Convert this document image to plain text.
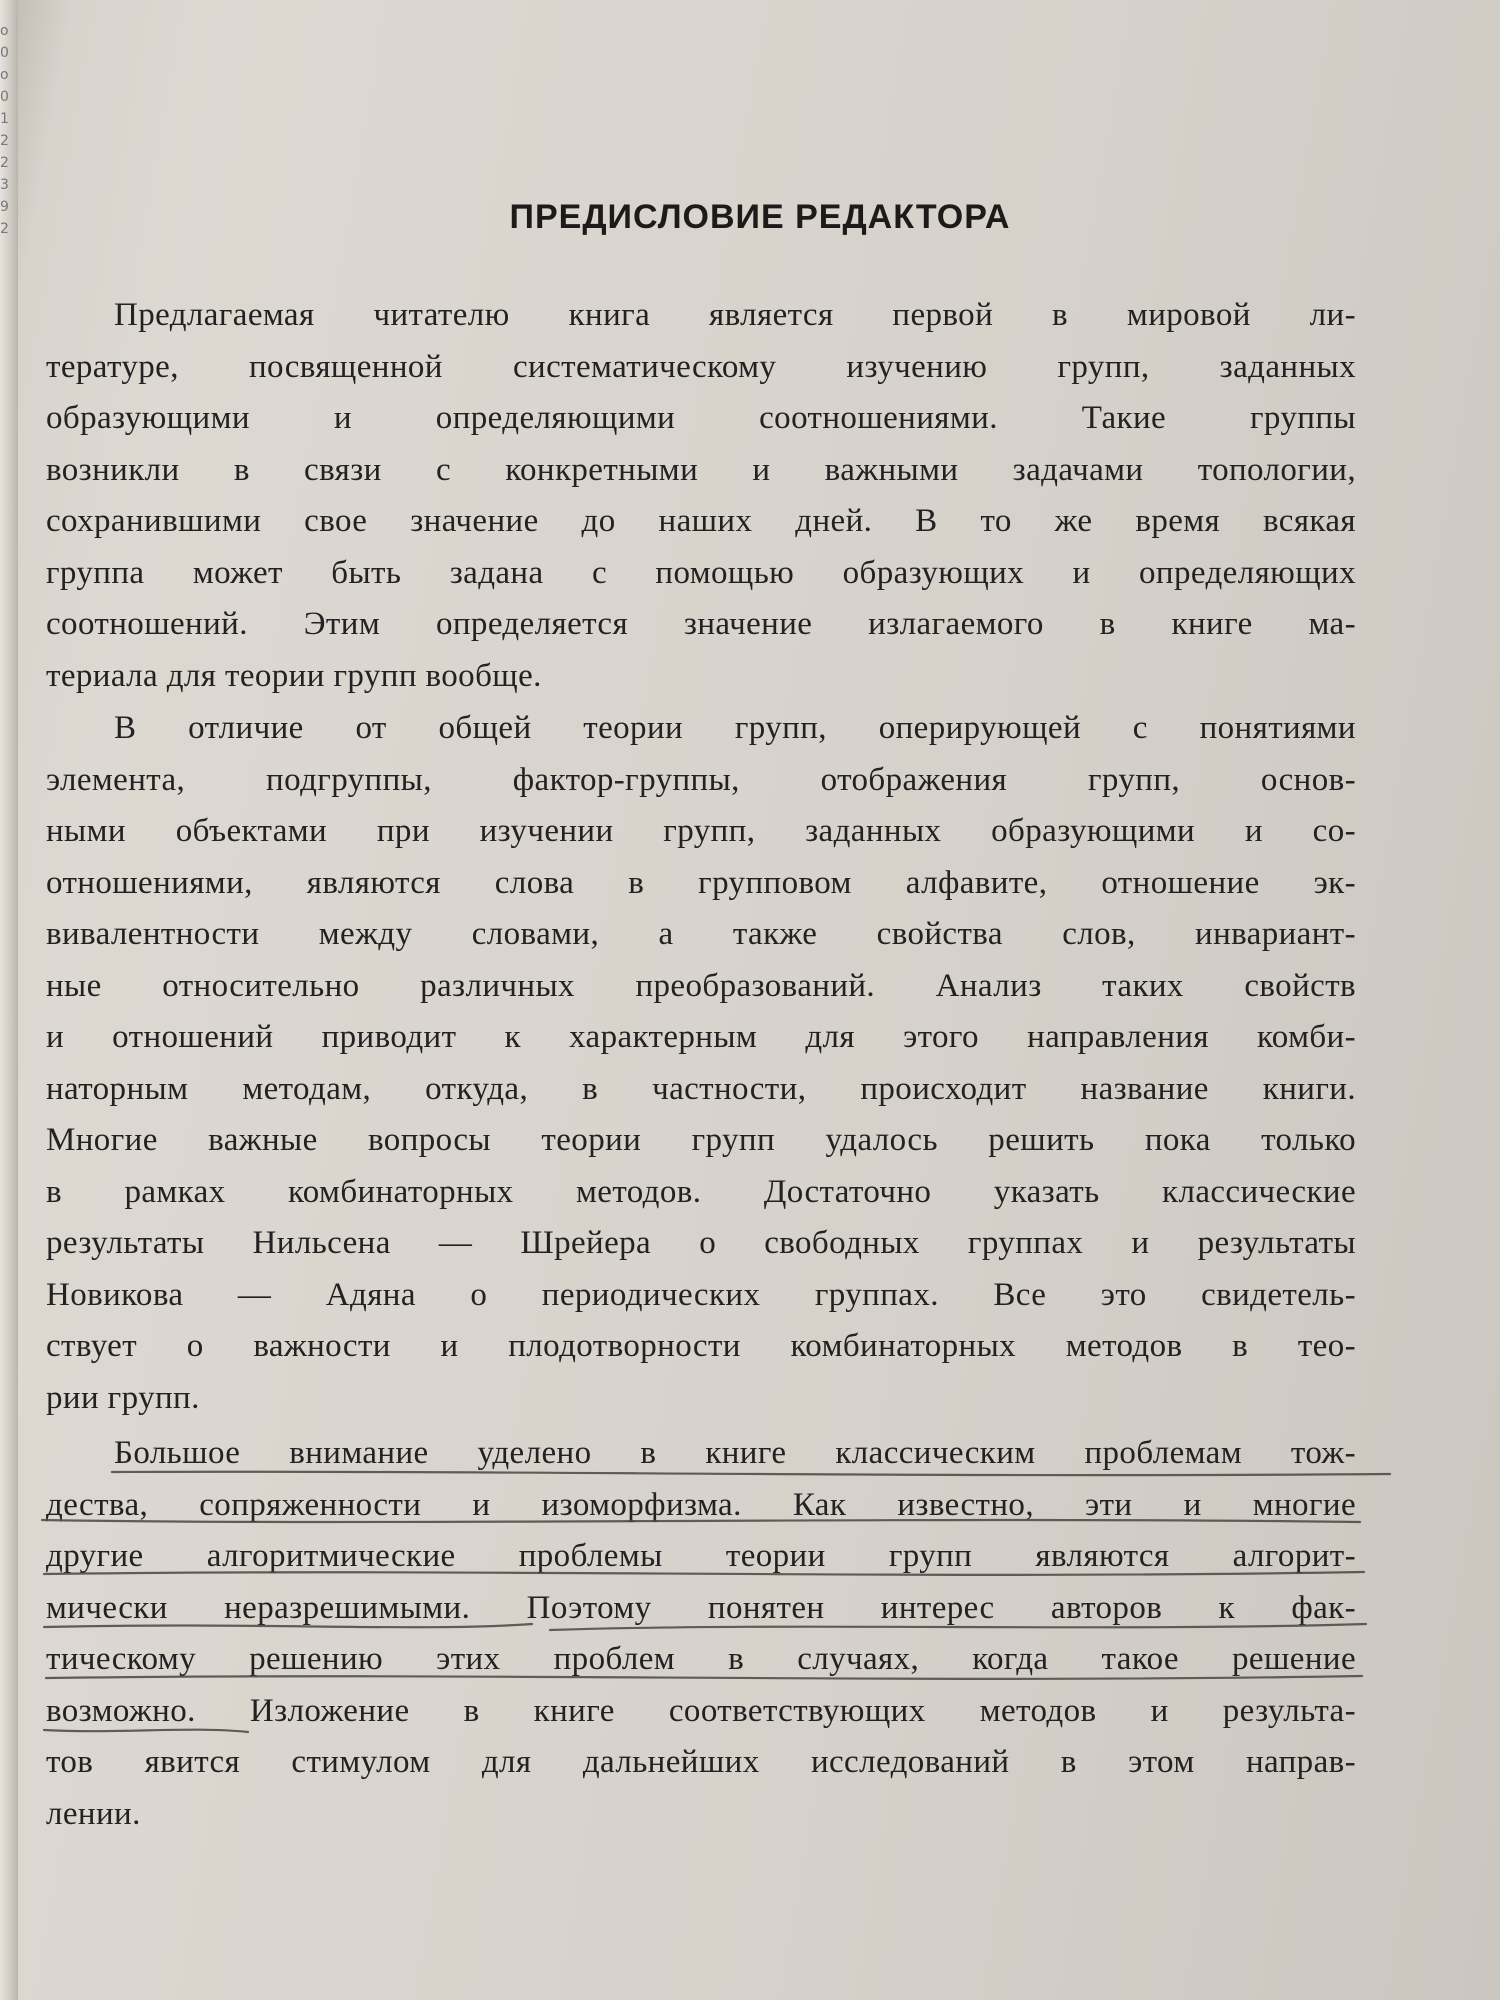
о 0 о 0 1 2 2 3 9 2	ПРЕДИСЛОВИЕ РЕДАКТОРА
Предлагаемая читателю книга является первой в мировой ли-
тературе, посвященной систематическому изучению групп, заданных
образующими и определяющими соотношениями. Такие группы
возникли в связи с конкретными и важными задачами топологии,
сохранившими свое значение до наших дней. В то же время всякая
группа может быть задана с помощью образующих и определяющих
соотношений. Этим определяется значение излагаемого в книге ма-
териала для теории групп вообще.
В отличие от общей теории групп, оперирующей с понятиями
элемента, подгруппы, фактор-группы, отображения групп, основ-
ными объектами при изучении групп, заданных образующими и со-
отношениями, являются слова в групповом алфавите, отношение эк-
вивалентности между словами, а также свойства слов, инвариант-
ные относительно различных преобразований. Анализ таких свойств
и отношений приводит к характерным для этого направления комби-
наторным методам, откуда, в частности, происходит название книги.
Многие важные вопросы теории групп удалось решить пока только
в рамках комбинаторных методов. Достаточно указать классические
результаты Нильсена — Шрейера о свободных группах и результаты
Новикова — Адяна о периодических группах. Все это свидетель-
ствует о важности и плодотворности комбинаторных методов в тео-
рии групп.
Большое внимание уделено в книге классическим проблемам тож-
дества, сопряженности и изоморфизма. Как известно, эти и многие
другие алгоритмические проблемы теории групп являются алгорит-
мически неразрешимыми. Поэтому понятен интерес авторов к фак-
тическому решению этих проблем в случаях, когда такое решение
возможно. Изложение в книге соответствующих методов и результа-
тов явится стимулом для дальнейших исследований в этом направ-
лении.
